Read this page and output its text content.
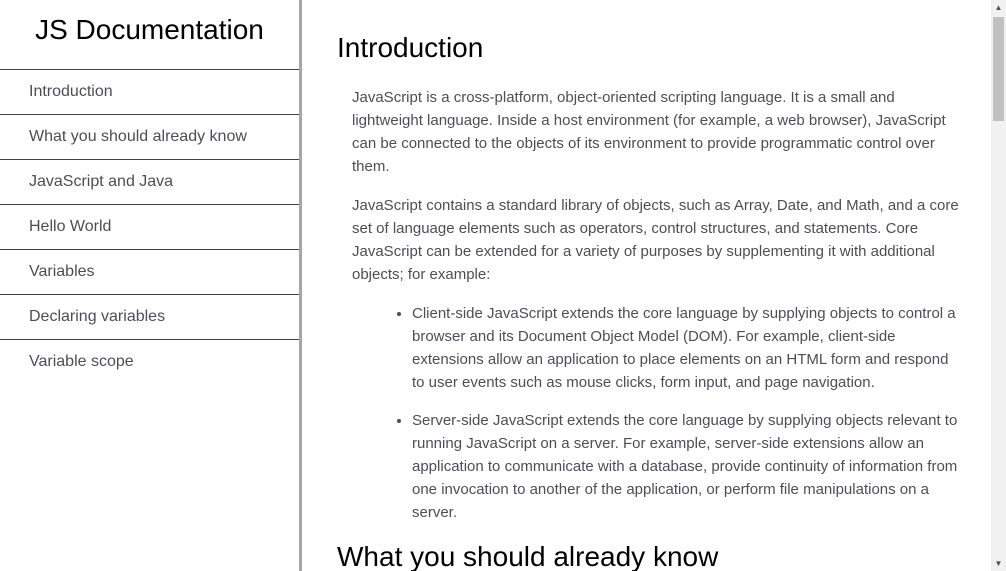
JS Documentation
Introduction
What you should already know
JavaScript and Java
Hello World
Variables
Declaring variables
Variable scope
Introduction

JavaScript is a cross-platform, object-oriented scripting language. It is a small and lightweight language. Inside a host environment (for example, a web browser), JavaScript can be connected to the objects of its environment to provide programmatic control over them.

JavaScript contains a standard library of objects, such as Array, Date, and Math, and a core set of language elements such as operators, control structures, and statements. Core JavaScript can be extended for a variety of purposes by supplementing it with additional objects; for example:

• Client-side JavaScript extends the core language by supplying objects to control a browser and its Document Object Model (DOM). For example, client-side extensions allow an application to place elements on an HTML form and respond to user events such as mouse clicks, form input, and page navigation.
• Server-side JavaScript extends the core language by supplying objects relevant to running JavaScript on a server. For example, server-side extensions allow an application to communicate with a database, provide continuity of information from one invocation to another of the application, or perform file manipulations on a server.
What you should already know
▲
▼
